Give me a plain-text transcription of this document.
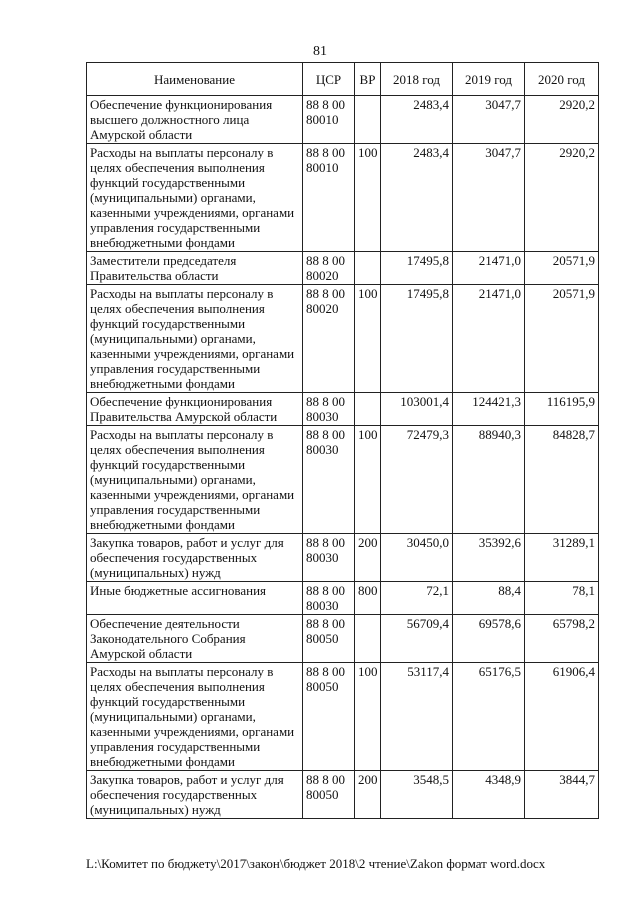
81
Наименование	ЦСР	ВР	2018 год	2019 год	2020 год
Обеспечение функционирования высшего должностного лица Амурской области	88 8 00 80010		2483,4	3047,7	2920,2
Расходы на выплаты персоналу в целях обеспечения выполнения функций государственными (муниципальными) органами, казенными учреждениями, органами управления государственными внебюджетными фондами	88 8 00 80010	100	2483,4	3047,7	2920,2
Заместители председателя Правительства области	88 8 00 80020		17495,8	21471,0	20571,9
Расходы на выплаты персоналу в целях обеспечения выполнения функций государственными (муниципальными) органами, казенными учреждениями, органами управления государственными внебюджетными фондами	88 8 00 80020	100	17495,8	21471,0	20571,9
Обеспечение функционирования Правительства Амурской области	88 8 00 80030		103001,4	124421,3	116195,9
Расходы на выплаты персоналу в целях обеспечения выполнения функций государственными (муниципальными) органами, казенными учреждениями, органами управления государственными внебюджетными фондами	88 8 00 80030	100	72479,3	88940,3	84828,7
Закупка товаров, работ и услуг для обеспечения государственных (муниципальных) нужд	88 8 00 80030	200	30450,0	35392,6	31289,1
Иные бюджетные ассигнования	88 8 00 80030	800	72,1	88,4	78,1
Обеспечение деятельности Законодательного Собрания Амурской области	88 8 00 80050		56709,4	69578,6	65798,2
Расходы на выплаты персоналу в целях обеспечения выполнения функций государственными (муниципальными) органами, казенными учреждениями, органами управления государственными внебюджетными фондами	88 8 00 80050	100	53117,4	65176,5	61906,4
Закупка товаров, работ и услуг для обеспечения государственных (муниципальных) нужд	88 8 00 80050	200	3548,5	4348,9	3844,7
L:\Комитет по бюджету\2017\закон\бюджет 2018\2 чтение\Zakon формат word.docx
